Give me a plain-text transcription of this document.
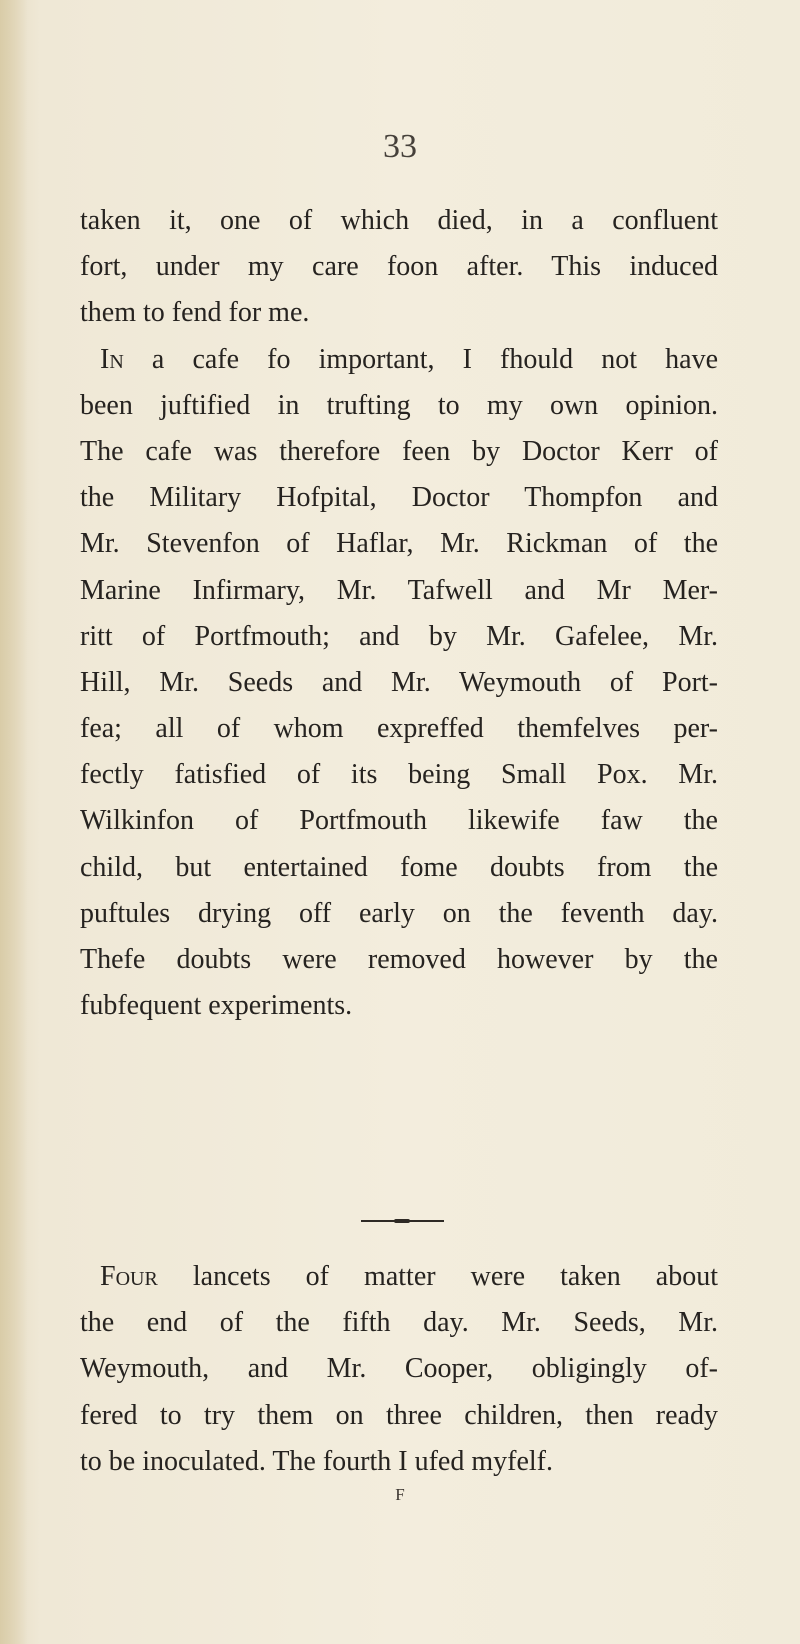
33
taken it, one of which died, in a confluent
fort, under my care foon after. This induced
them to fend for me.
In a cafe fo important, I fhould not have
been juftified in trufting to my own opinion.
The cafe was therefore feen by Doctor Kerr of
the Military Hofpital, Doctor Thompfon and
Mr. Stevenfon of Haflar, Mr. Rickman of the
Marine Infirmary, Mr. Tafwell and Mr Mer-
ritt of Portfmouth; and by Mr. Gafelee, Mr.
Hill, Mr. Seeds and Mr. Weymouth of Port-
fea; all of whom expreffed themfelves per-
fectly fatisfied of its being Small Pox. Mr.
Wilkinfon of Portfmouth likewife faw the
child, but entertained fome doubts from the
puftules drying off early on the feventh day.
Thefe doubts were removed however by the
fubfequent experiments.
Four lancets of matter were taken about
the end of the fifth day. Mr. Seeds, Mr.
Weymouth, and Mr. Cooper, obligingly of-
fered to try them on three children, then ready
to be inoculated. The fourth I ufed myfelf.
F
